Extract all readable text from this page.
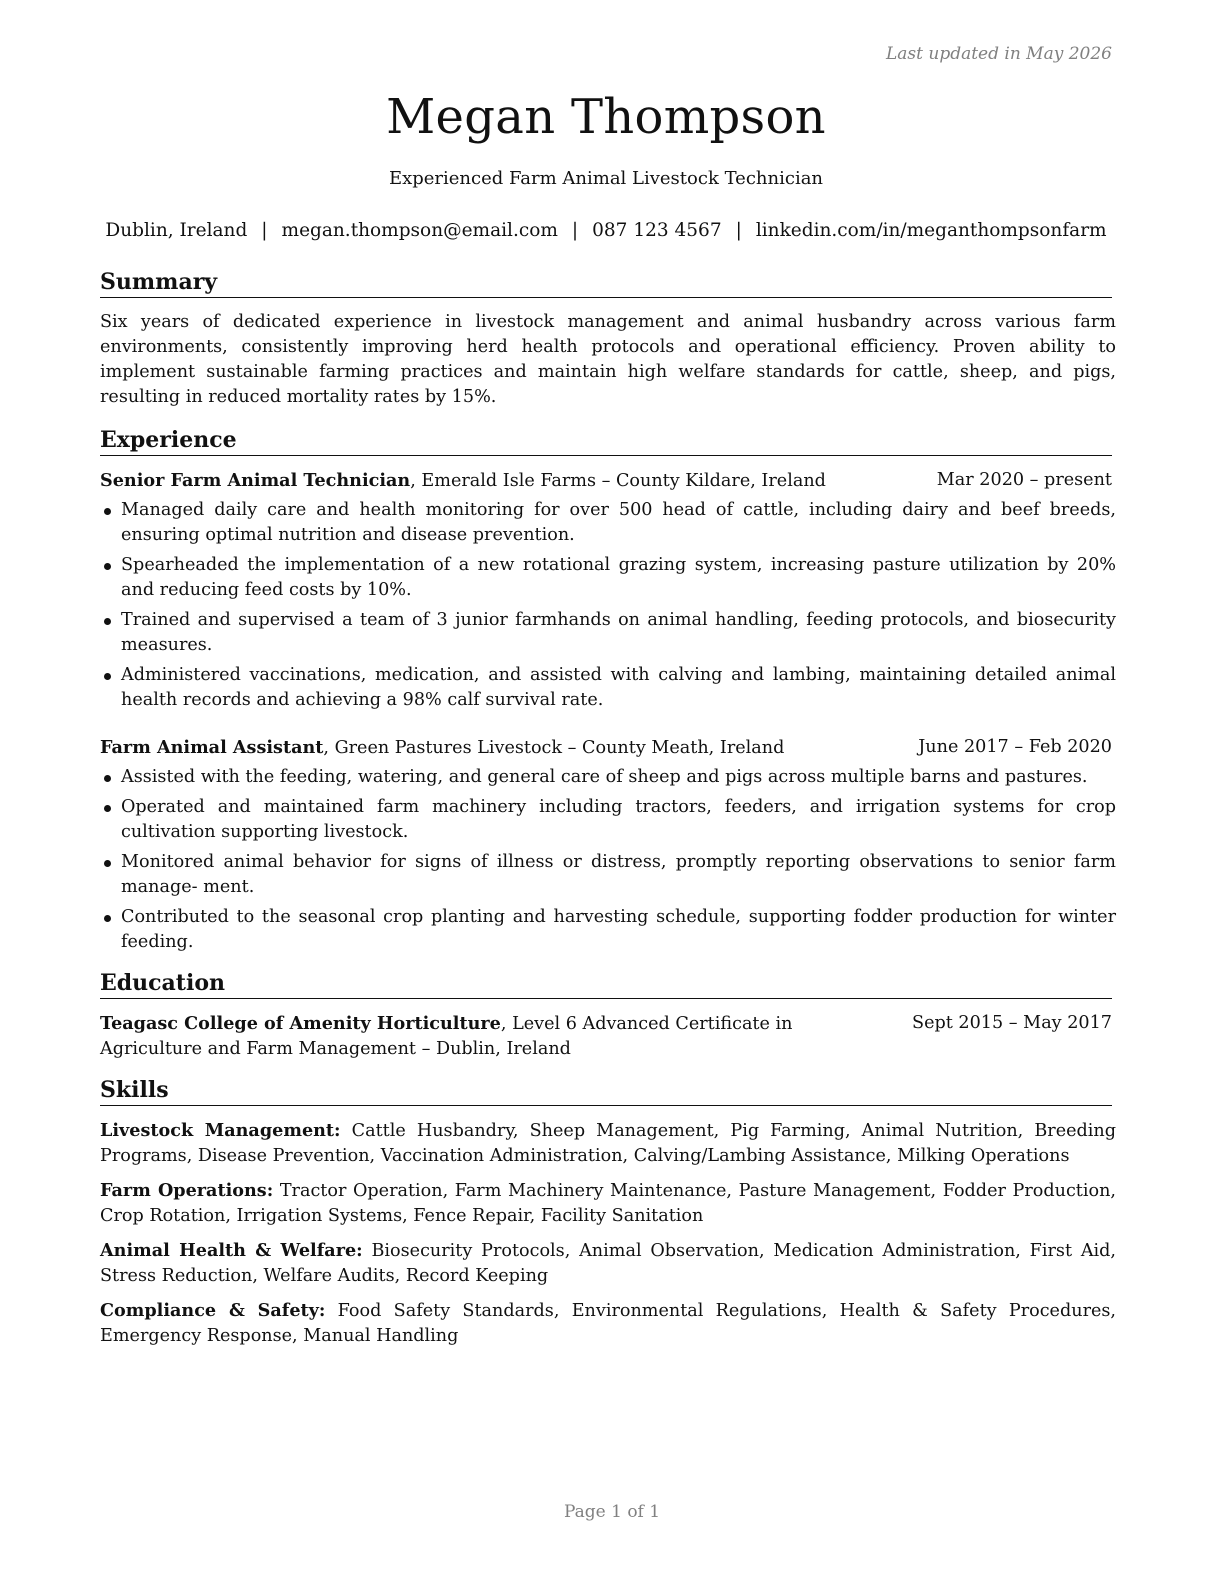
Last updated in May 2026
Megan Thompson
Experienced Farm Animal Livestock Technician
Dublin, Ireland | megan.thompson@email.com | 087 123 4567 | linkedin.com/in/meganthompsonfarm
Summary

Six years of dedicated experience in livestock management and animal husbandry across various farm environments, consistently improving herd health protocols and operational efficiency. Proven ability to implement sustainable farming practices and maintain high welfare standards for cattle, sheep, and pigs, resulting in reduced mortality rates by 15%.

Experience
Senior Farm Animal Technician, Emerald Isle Farms – County Kildare, Ireland	Mar 2020 – present
Managed daily care and health monitoring for over 500 head of cattle, including dairy and beef breeds, ensuring optimal nutrition and disease prevention.
Spearheaded the implementation of a new rotational grazing system, increasing pasture utilization by 20% and reducing feed costs by 10%.
Trained and supervised a team of 3 junior farmhands on animal handling, feeding protocols, and biosecurity measures.
Administered vaccinations, medication, and assisted with calving and lambing, maintaining detailed animal health records and achieving a 98% calf survival rate.
Farm Animal Assistant, Green Pastures Livestock – County Meath, Ireland	June 2017 – Feb 2020
Assisted with the feeding, watering, and general care of sheep and pigs across multiple barns and pastures.
Operated and maintained farm machinery including tractors, feeders, and irrigation systems for crop cultivation supporting livestock.
Monitored animal behavior for signs of illness or distress, promptly reporting observations to senior farm manage- ment.
Contributed to the seasonal crop planting and harvesting schedule, supporting fodder production for winter feeding.
Education
Teagasc College of Amenity Horticulture, Level 6 Advanced Certificate in Agriculture and Farm Management – Dublin, Ireland
Sept 2015 – May 2017
Skills
Livestock Management: Cattle Husbandry, Sheep Management, Pig Farming, Animal Nutrition, Breeding Programs, Disease Prevention, Vaccination Administration, Calving/Lambing Assistance, Milking Operations
Farm Operations: Tractor Operation, Farm Machinery Maintenance, Pasture Management, Fodder Production, Crop Rotation, Irrigation Systems, Fence Repair, Facility Sanitation
Animal Health & Welfare: Biosecurity Protocols, Animal Observation, Medication Administration, First Aid, Stress Reduction, Welfare Audits, Record Keeping
Compliance & Safety: Food Safety Standards, Environmental Regulations, Health & Safety Procedures, Emergency Response, Manual Handling
Page 1 of 1
